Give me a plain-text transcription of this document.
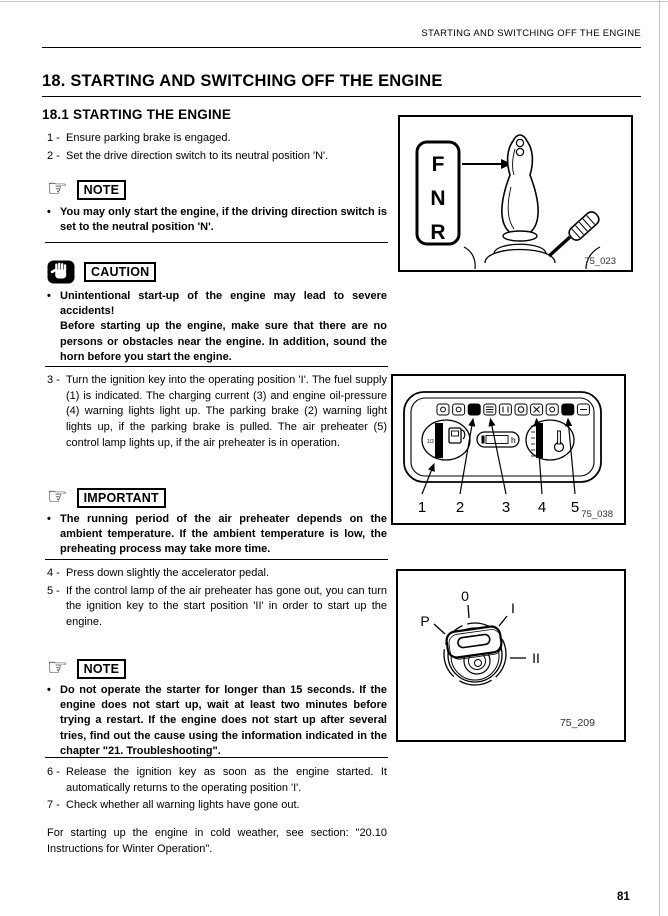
STARTING AND SWITCHING OFF THE ENGINE
18. STARTING AND SWITCHING OFF THE ENGINE
18.1 STARTING THE ENGINE
1 - Ensure parking brake is engaged.
2 - Set the drive direction switch to its neutral position 'N'.
☞	NOTE
• You may only start the engine, if the driving direction switch is set to the neutral position 'N'.
CAUTION
• Unintentional start-up of the engine may lead to severe accidents!
Before starting up the engine, make sure that there are no persons or obstacles near the engine. In addition, sound the horn before you start the engine.
3 - Turn the ignition key into the operating position 'I'. The fuel supply (1) is indicated. The charging current (3) and engine oil-pressure (4) warning lights light up. The parking brake (2) warning light lights up, if the parking brake is pulled. The air preheater (5) control lamp lights up, if the air preheater is in operation.
☞	IMPORTANT
• The running period of the air preheater depends on the ambient temperature. If the ambient temperature is low, the preheating process may take more time.
4 - Press down slightly the accelerator pedal.
5 - If the control lamp of the air preheater has gone out, you can turn the ignition key to the start position 'II' in order to start up the engine.
☞	NOTE
• Do not operate the starter for longer than 15 seconds. If the engine does not start up, wait at least two minutes before trying a restart. If the engine does not start up after several tries, find out the cause using the information indicated in the chapter "21. Troubleshooting".
6 - Release the ignition key as soon as the engine started. It automatically returns to the operating position 'I'.
7 - Check whether all warning lights have gone out.
For starting up the engine in cold weather, see section: "20.10 Instructions for Winter Operation".
F
N
R
75_023
1/2	h
1 2	3 4 5 75_038
0
I
P
II
75_209
81
